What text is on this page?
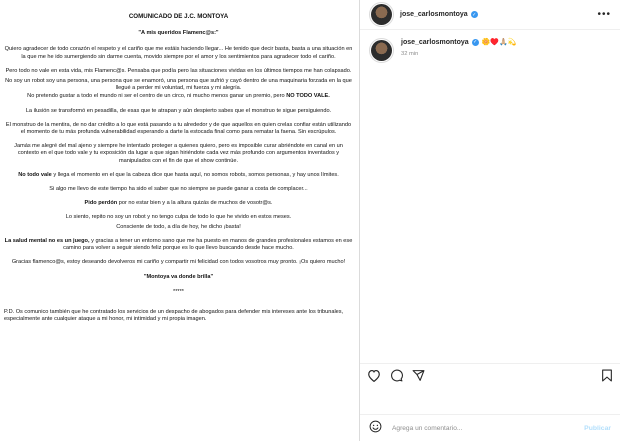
COMUNICADO DE J.C. MONTOYA
"A mis queridos Flamenc@s:"

Quiero agradecer de todo corazón el respeto y el cariño que me estáis haciendo llegar... He tenido que decir basta, basta a una situación en la que me he ido sumergiendo sin darme cuenta, movido siempre por el amor y los sentimientos para agradecer todo el cariño.

Pero todo no vale en esta vida, mis Flamenc@s. Pensaba que podía pero las situaciones vividas en los últimos tiempos me han colapsado.

No soy un robot soy una persona, una persona que se enamoró, una persona que sufrió y cayó dentro de una maquinaria forzada en la que llegué a perder mi voluntad, mi fuerza y mi alegría.

No pretendo gustar a todo el mundo ni ser el centro de un circo, ni mucho menos ganar un premio, pero NO TODO VALE.

La ilusión se transformó en pesadilla, de esas que te atrapan y aún despierto sabes que el monstruo te sigue persiguiendo.

El monstruo de la mentira, de no dar crédito a lo que está pasando a tu alrededor y de que aquellos en quien crelas confiar están utilizando el momento de tu más profunda vulnerabilidad esperando a darte la estocada final como para rematar la faena. Sin escrúpulos.

Jamás me alegré del mal ajeno y siempre he intentado proteger a quienes quiero, pero es imposible curar abriéndote en canal en un contexto en el que todo vale y tu exposición da lugar a que sigan hiriéndote cada vez más profundo con argumentos inventados y manipulados con el fin de que el show continúe.

No todo vale y llega el momento en el que la cabeza dice que hasta aquí, no somos robots, somos personas, y hay unos límites.

Si algo me llevo de este tiempo ha sido el saber que no siempre se puede ganar a costa de complacer...

Pido perdón por no estar bien y a la altura quizás de muchos de vosotr@s.

Lo siento, repito no soy un robot y no tengo culpa de todo lo que he vivido en estos meses.

Consciente de todo, a día de hoy, he dicho ¡basta!

La salud mental no es un juego, y gracias a tener un entorno sano que me ha puesto en manos de grandes profesionales estamos en ese camino para volver a seguir siendo feliz porque es lo que llevo buscando desde hace mucho.

Gracias flamenco@s, estoy deseando devolveros mi cariño y compartir mi felicidad con todos vosotros muy pronto. ¡Os quiero mucho!

"Montoya va donde brilla"

*****

P.D. Os comunico también que he contratado los servicios de un despacho de abogados para defender mis intereses ante los tribunales, especialmente ante cualquier ataque a mi honor, mi intimidad y mi propia imagen.

jose_carlosmontoya ✓	•••
jose_carlosmontoya ✓ 🌼♥️🙏🏼💫
32 min
Agrega un comentario...
Publicar
